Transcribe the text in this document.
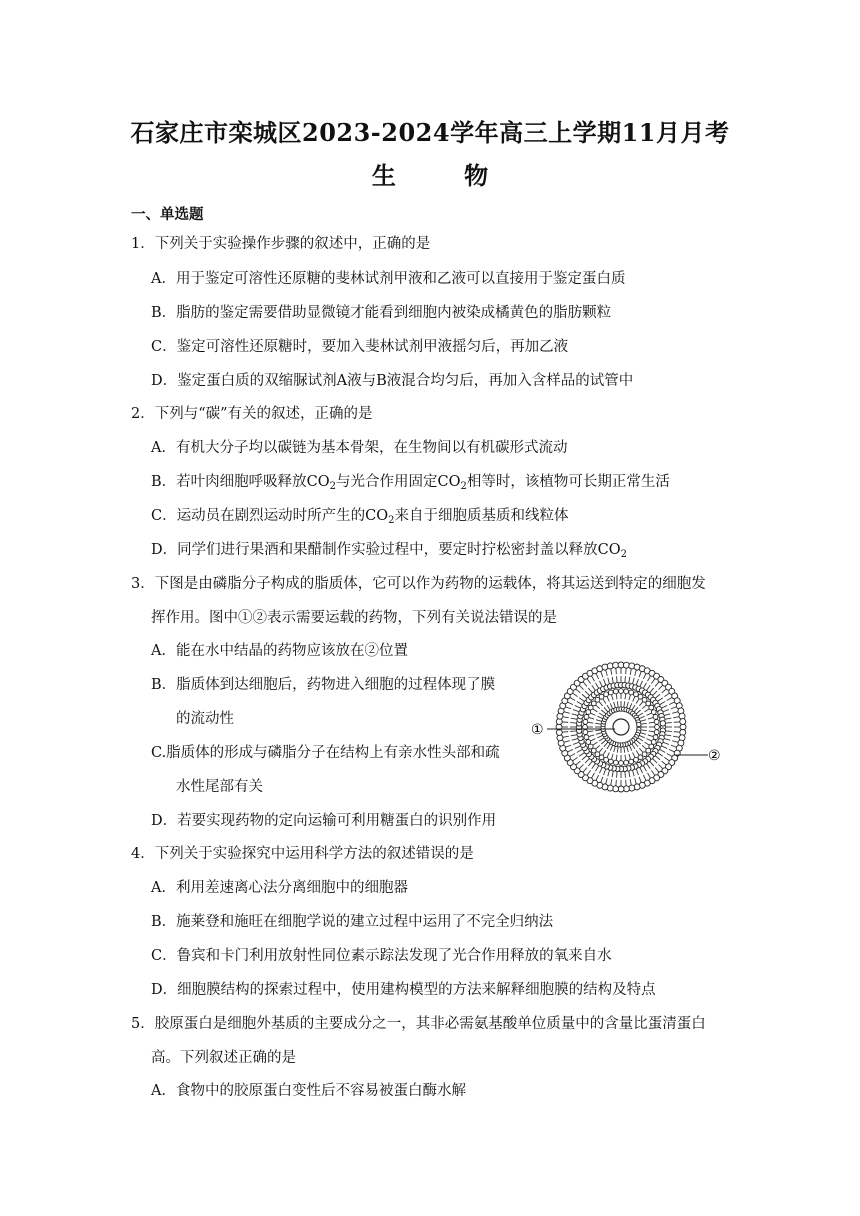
石家庄市栾城区2023-2024学年高三上学期11月月考
生 物
一、单选题
1．下列关于实验操作步骤的叙述中，正确的是
A．用于鉴定可溶性还原糖的斐林试剂甲液和乙液可以直接用于鉴定蛋白质
B．脂肪的鉴定需要借助显微镜才能看到细胞内被染成橘黄色的脂肪颗粒
C．鉴定可溶性还原糖时，要加入斐林试剂甲液摇匀后，再加乙液
D．鉴定蛋白质的双缩脲试剂A液与B液混合均匀后，再加入含样品的试管中
2．下列与“碳”有关的叙述，正确的是
A．有机大分子均以碳链为基本骨架，在生物间以有机碳形式流动
B．若叶肉细胞呼吸释放$CO_2$与光合作用固定$CO_2$相等时，该植物可长期正常生活
C．运动员在剧烈运动时所产生的$CO_2$来自于细胞质基质和线粒体
D．同学们进行果酒和果醋制作实验过程中，要定时拧松密封盖以释放$CO_2$
3．下图是由磷脂分子构成的脂质体，它可以作为药物的运载体，将其运送到特定的细胞发
挥作用。图中①②表示需要运载的药物，下列有关说法错误的是
A．能在水中结晶的药物应该放在②位置
B．脂质体到达细胞后，药物进入细胞的过程体现了膜
的流动性
C.脂质体的形成与磷脂分子在结构上有亲水性头部和疏
水性尾部有关
D．若要实现药物的定向运输可利用糖蛋白的识别作用
①
②
4．下列关于实验探究中运用科学方法的叙述错误的是
A．利用差速离心法分离细胞中的细胞器
B．施莱登和施旺在细胞学说的建立过程中运用了不完全归纳法
C．鲁宾和卡门利用放射性同位素示踪法发现了光合作用释放的氧来自水
D．细胞膜结构的探索过程中，使用建构模型的方法来解释细胞膜的结构及特点
5．胶原蛋白是细胞外基质的主要成分之一，其非必需氨基酸单位质量中的含量比蛋清蛋白
高。下列叙述正确的是
A．食物中的胶原蛋白变性后不容易被蛋白酶水解
